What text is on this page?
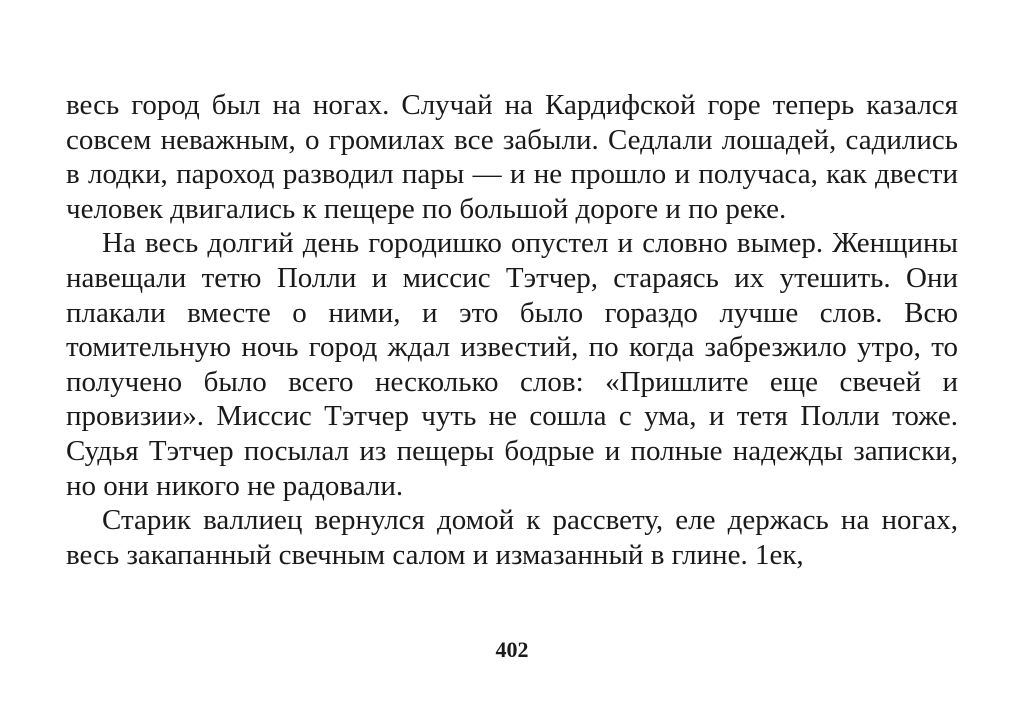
весь город был на ногах. Случай на Кардифской горе теперь казался совсем неважным, о громилах все забыли. Седлали лошадей, садились в лодки, пароход разводил пары — и не прошло и получаса, как двести человек двигались к пещере по большой дороге и по реке.

На весь долгий день городишко опустел и словно вымер. Женщины навещали тетю Полли и миссис Тэтчер, стараясь их утешить. Они плакали вместе о ними, и это было гораздо лучше слов. Всю томительную ночь город ждал известий, по когда забрезжило утро, то получено было всего несколько слов: «Пришлите еще свечей и провизии». Миссис Тэтчер чуть не сошла с ума, и тетя Полли тоже. Судья Тэтчер посылал из пещеры бодрые и полные надежды записки, но они никого не радовали.

Старик валлиец вернулся домой к рассвету, еле держась на ногах, весь закапанный свечным салом и измазанный в глине. 1ек,

402
